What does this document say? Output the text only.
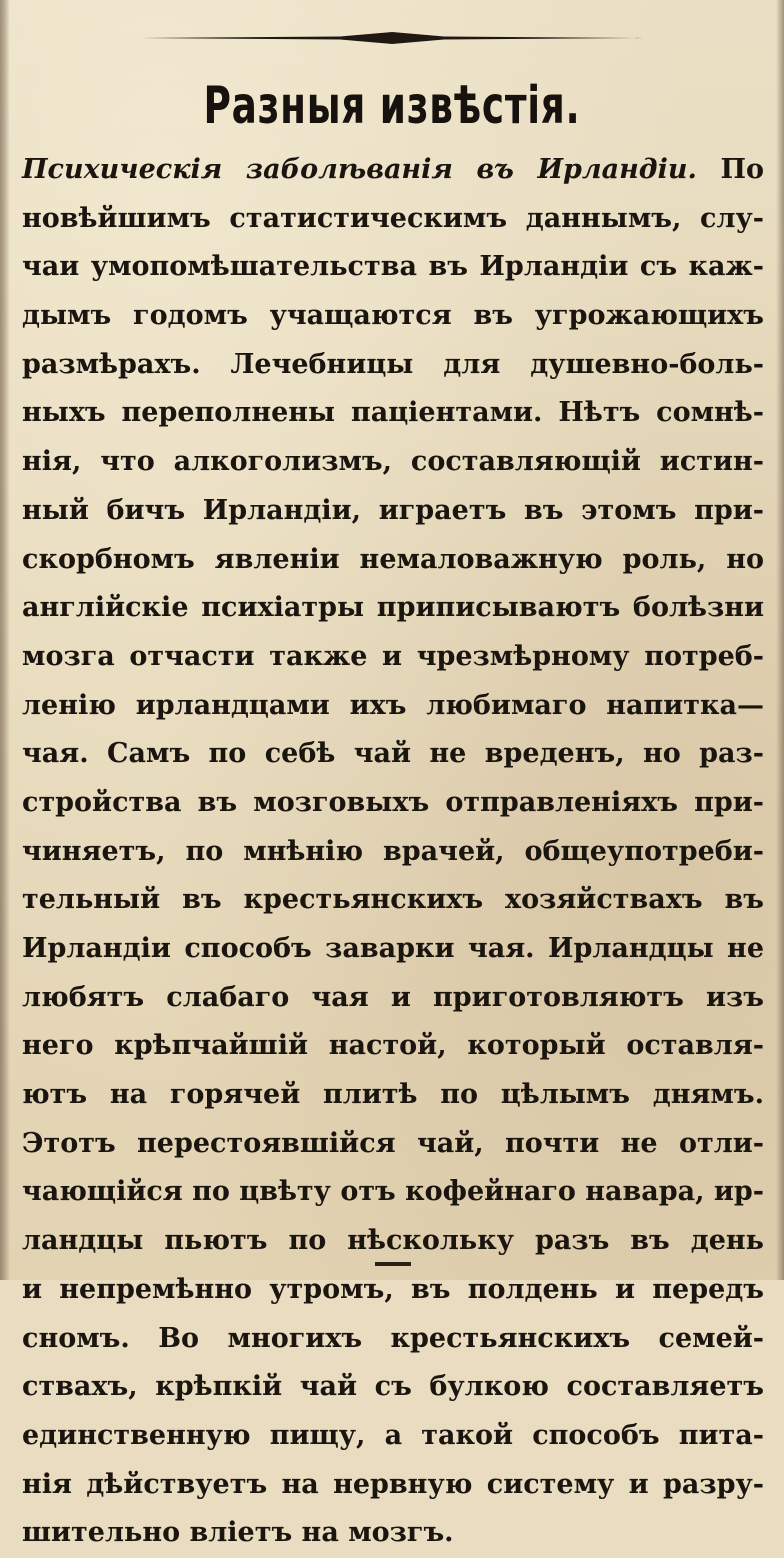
Разныя извѣстія.
Психическія заболѣванія въ Ирландіи. По
новѣйшимъ статистическимъ даннымъ, слу-
чаи умопомѣшательства въ Ирландіи съ каж-
дымъ годомъ учащаются въ угрожающихъ
размѣрахъ. Лечебницы для душевно-боль-
ныхъ переполнены пацiентами. Нѣтъ сомнѣ-
нія, что алкоголизмъ, составляющій истин-
ный бичъ Ирландіи, играетъ въ этомъ при-
скорбномъ явленіи немаловажную роль, но
англійскіе психіатры приписываютъ болѣзни
мозга отчасти также и чрезмѣрному потреб-
ленію ирландцами ихъ любимаго напитка—
чая. Самъ по себѣ чай не вреденъ, но раз-
стройства въ мозговыхъ отправленіяхъ при-
чиняетъ, по мнѣнію врачей, общеупотреби-
тельный въ крестьянскихъ хозяйствахъ въ
Ирландіи способъ заварки чая. Ирландцы не
любятъ слабаго чая и приготовляютъ изъ
него крѣпчайшій настой, который оставля-
ютъ на горячей плитѣ по цѣлымъ днямъ.
Этотъ перестоявшійся чай, почти не отли-
чающійся по цвѣту отъ кофейнаго навара, ир-
ландцы пьютъ по нѣскольку разъ въ день
и непремѣнно утромъ, въ полдень и передъ
сномъ. Во многихъ крестьянскихъ семей-
ствахъ, крѣпкій чай съ булкою составляетъ
единственную пищу, а такой способъ пита-
нія дѣйствуетъ на нервную систему и разру-
шительно вліетъ на мозгъ.
